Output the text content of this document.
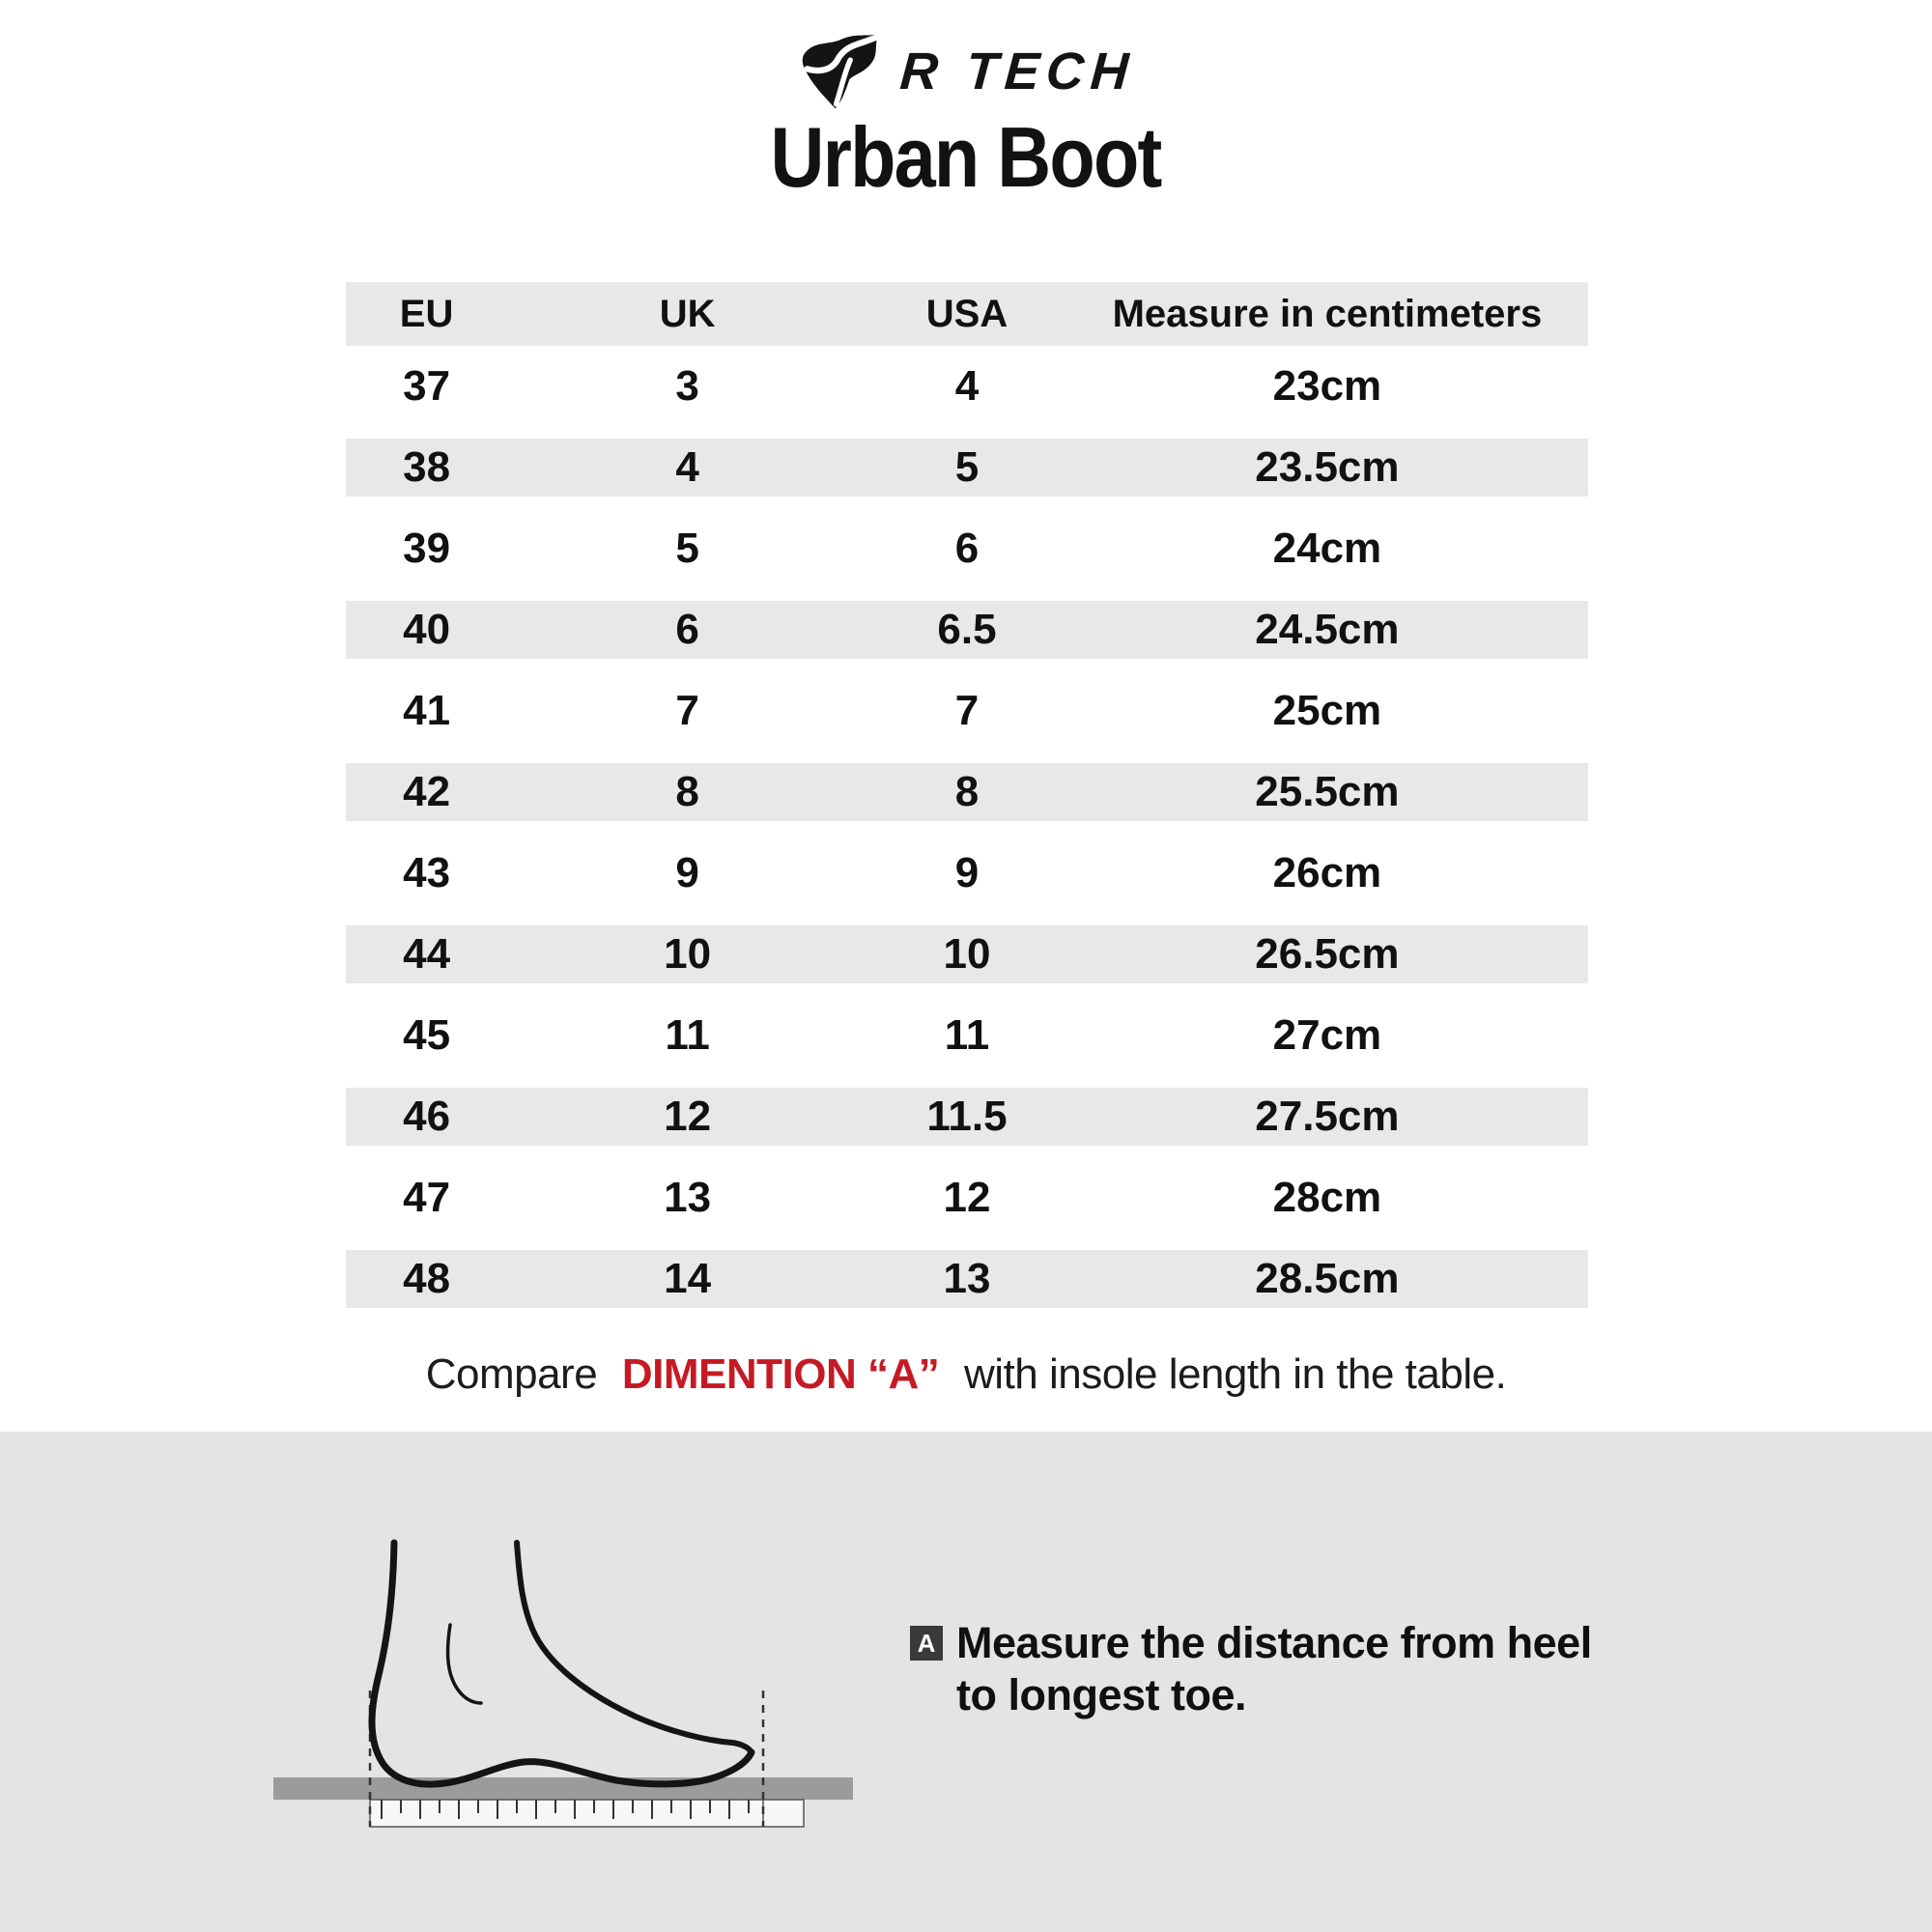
R TECH
Urban Boot
EU	UK	USA	Measure in centimeters
37	3	4	23cm
38	4	5	23.5cm
39	5	6	24cm
40	6	6.5	24.5cm
41	7	7	25cm
42	8	8	25.5cm
43	9	9	26cm
44	10	10	26.5cm
45	11	11	27cm
46	12	11.5	27.5cm
47	13	12	28cm
48	14	13	28.5cm
Compare DIMENTION “A” with insole length in the table.
A Measure the distance from heel
to longest toe.
